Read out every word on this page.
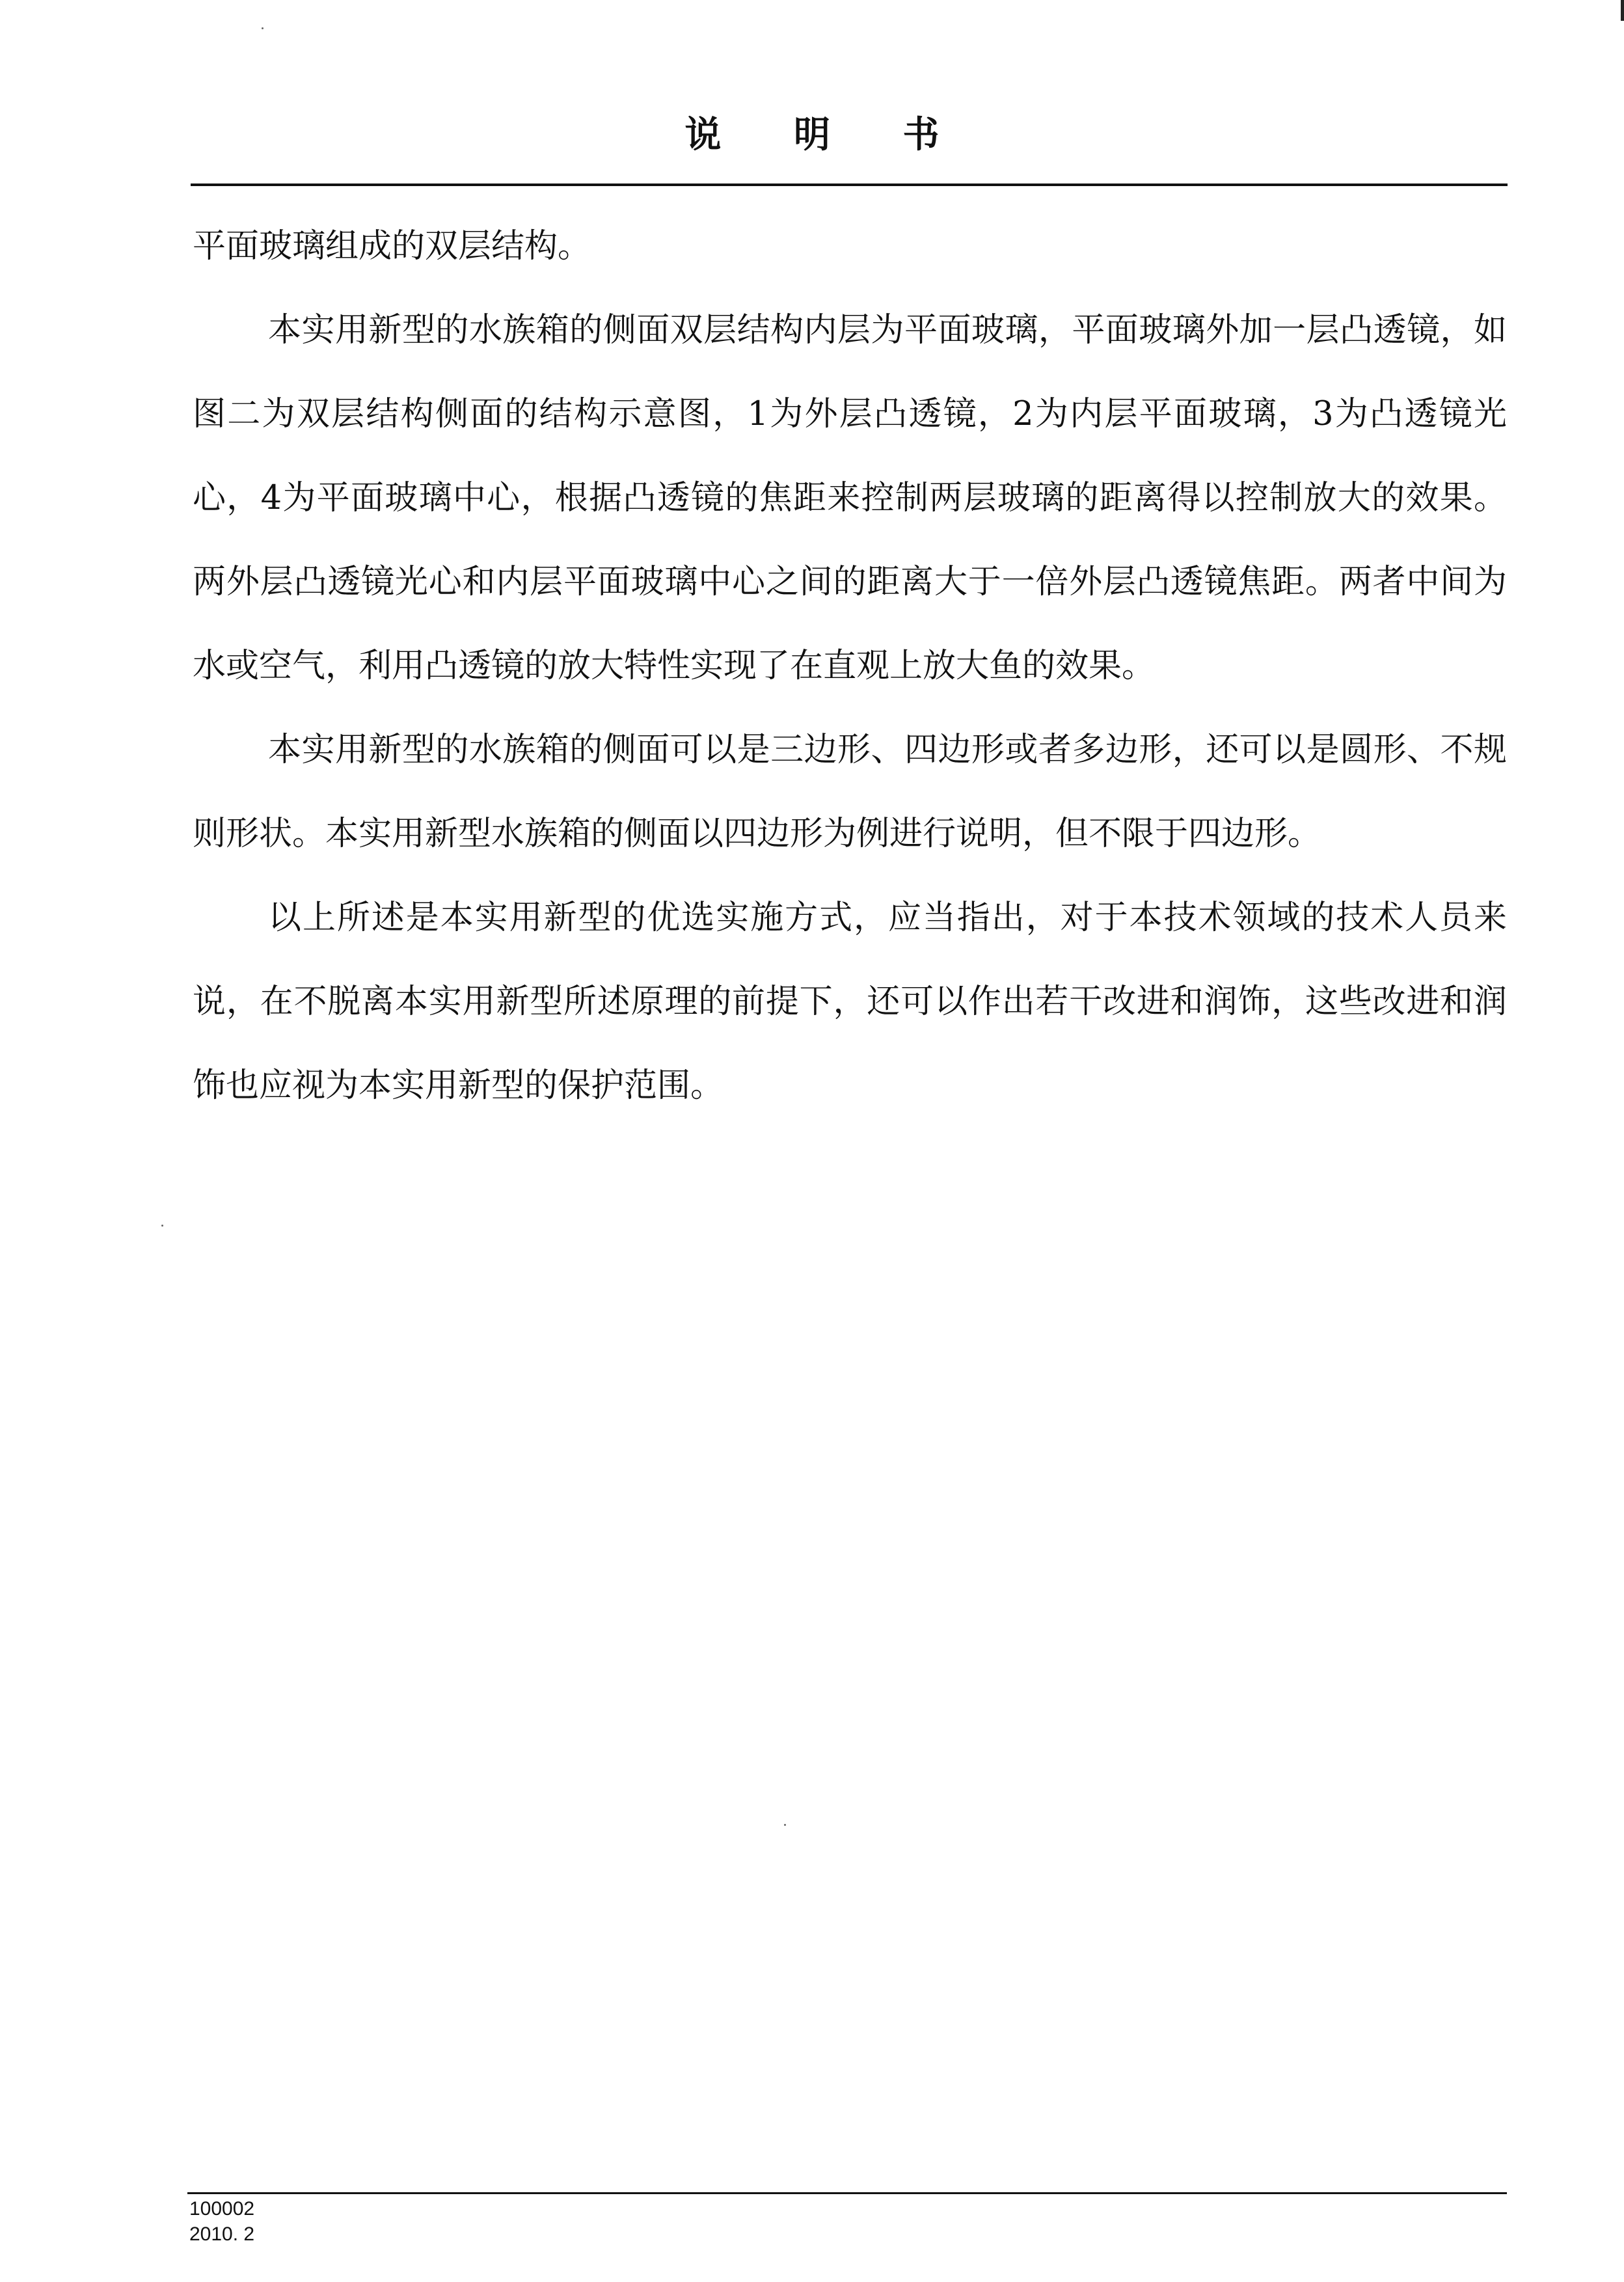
说 明 书

平面玻璃组成的双层结构。

本实用新型的水族箱的侧面双层结构内层为平面玻璃，平面玻璃外加一层凸透镜，如图二为双层结构侧面的结构示意图，1为外层凸透镜，2为内层平面玻璃，3为凸透镜光心，4为平面玻璃中心，根据凸透镜的焦距来控制两层玻璃的距离得以控制放大的效果。两外层凸透镜光心和内层平面玻璃中心之间的距离大于一倍外层凸透镜焦距。两者中间为水或空气，利用凸透镜的放大特性实现了在直观上放大鱼的效果。

本实用新型的水族箱的侧面可以是三边形、四边形或者多边形，还可以是圆形、不规则形状。本实用新型水族箱的侧面以四边形为例进行说明，但不限于四边形。

以上所述是本实用新型的优选实施方式，应当指出，对于本技术领域的技术人员来说，在不脱离本实用新型所述原理的前提下，还可以作出若干改进和润饰，这些改进和润饰也应视为本实用新型的保护范围。

100002
2010. 2
